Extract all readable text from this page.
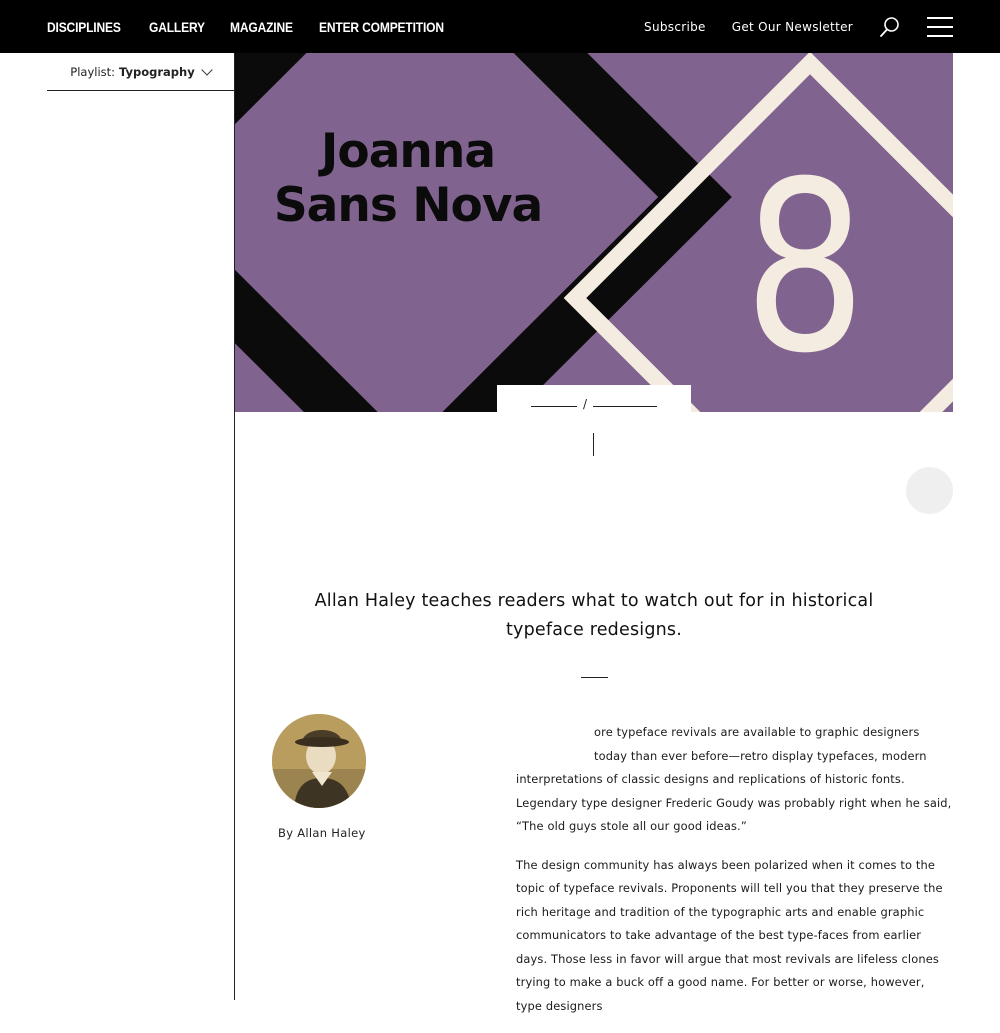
DISCIPLINES GALLERY MAGAZINE ENTER COMPETITION	Subscribe Get Our Newsletter
Playlist: Typography
Joanna
Sans Nova 8
/
Allan Haley teaches readers what to watch out for in historical typeface redesigns.
By Allan Haley

ore typeface revivals are available to graphic designers today than ever before—retro display typefaces, modern interpretations of classic designs and replications of historic fonts. Legendary type designer Frederic Goudy was probably right when he said, “The old guys stole all our good ideas.”

The design community has always been polarized when it comes to the topic of typeface revivals. Proponents will tell you that they preserve the rich heritage and tradition of the typographic arts and enable graphic communicators to take advantage of the best type-faces from earlier days. Those less in favor will argue that most revivals are lifeless clones trying to make a buck off a good name. For better or worse, however, type designers
